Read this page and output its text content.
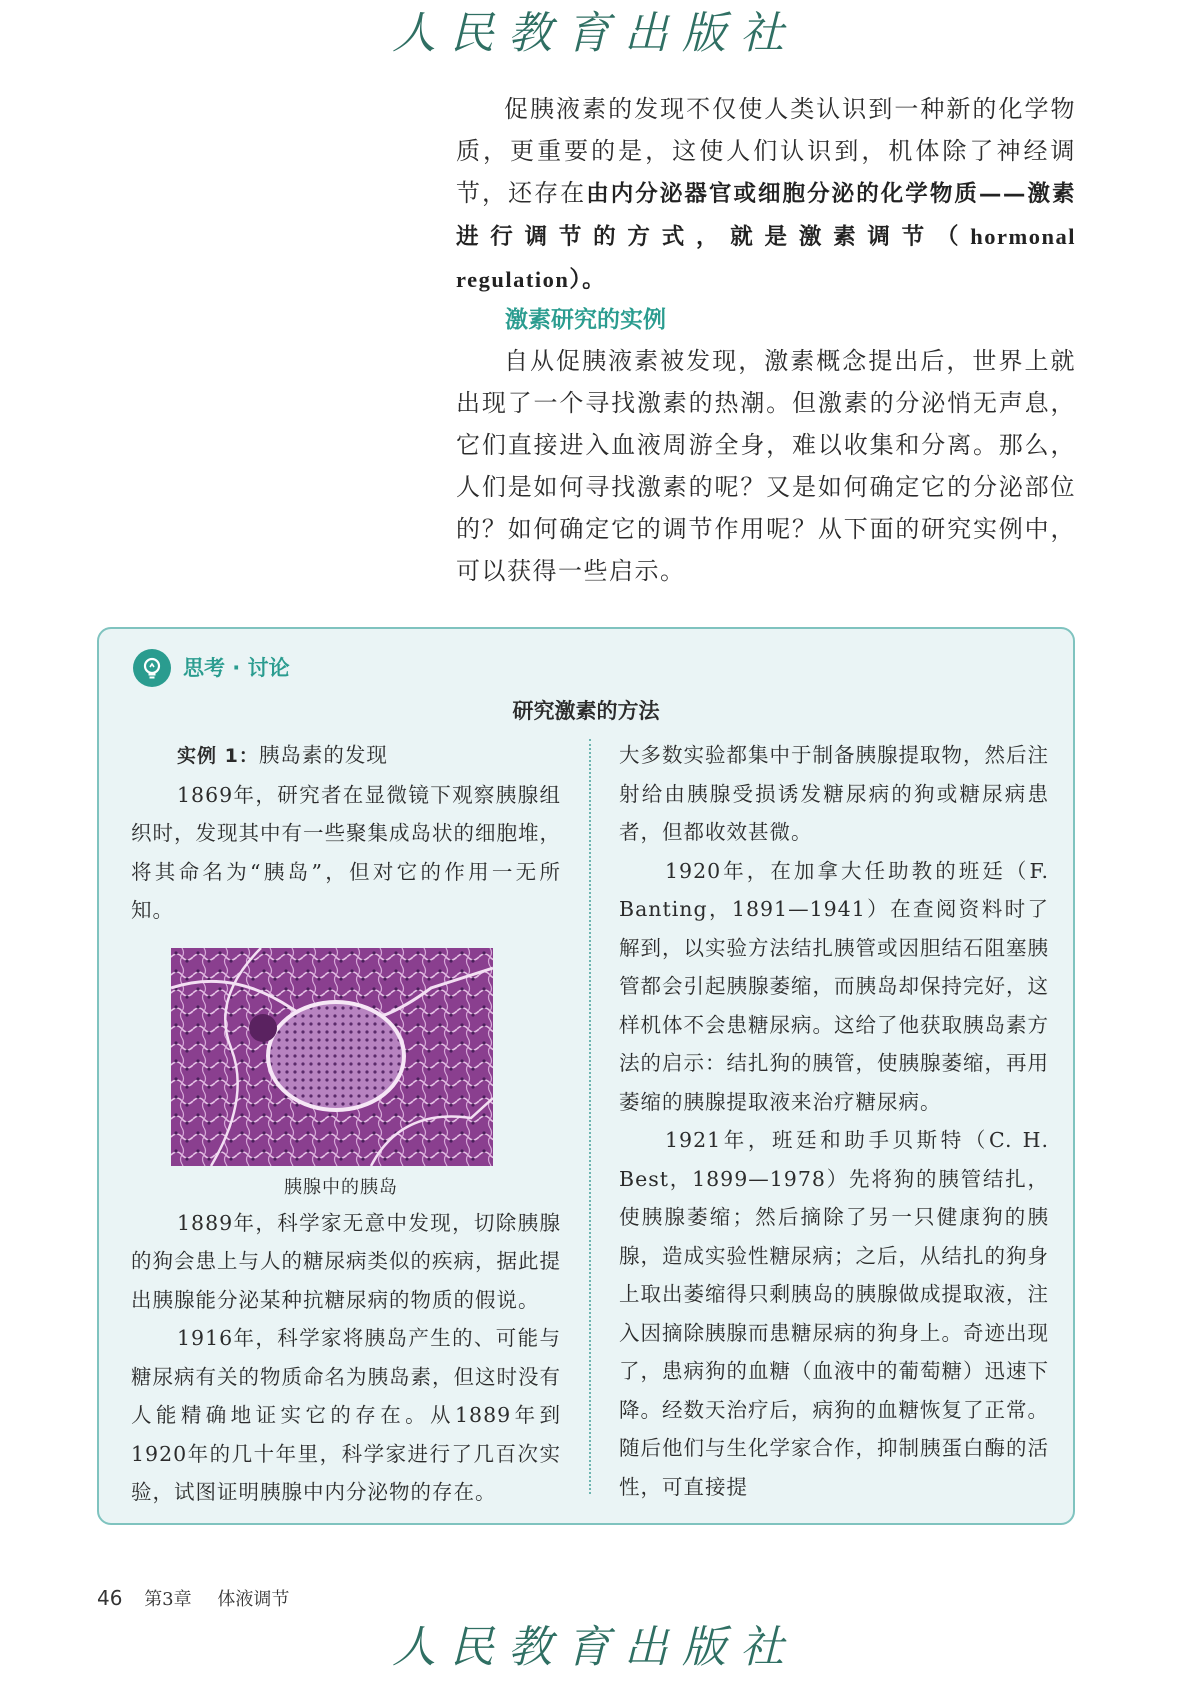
人民教育出版社

促胰液素的发现不仅使人类认识到一种新的化学物质，更重要的是，这使人们认识到，机体除了神经调节，还存在由内分泌器官或细胞分泌的化学物质——激素进行调节的方式，就是激素调节（hormonal regulation）。

激素研究的实例

自从促胰液素被发现，激素概念提出后，世界上就出现了一个寻找激素的热潮。但激素的分泌悄无声息，它们直接进入血液周游全身，难以收集和分离。那么，人们是如何寻找激素的呢？又是如何确定它的分泌部位的？如何确定它的调节作用呢？从下面的研究实例中，可以获得一些启示。

思考 · 讨论
研究激素的方法

实例 1：胰岛素的发现

1869年，研究者在显微镜下观察胰腺组织时，发现其中有一些聚集成岛状的细胞堆，将其命名为“胰岛”，但对它的作用一无所知。

胰腺中的胰岛

1889年，科学家无意中发现，切除胰腺的狗会患上与人的糖尿病类似的疾病，据此提出胰腺能分泌某种抗糖尿病的物质的假说。

1916年，科学家将胰岛产生的、可能与糖尿病有关的物质命名为胰岛素，但这时没有人能精确地证实它的存在。从1889年到1920年的几十年里，科学家进行了几百次实验，试图证明胰腺中内分泌物的存在。

大多数实验都集中于制备胰腺提取物，然后注射给由胰腺受损诱发糖尿病的狗或糖尿病患者，但都收效甚微。

1920年，在加拿大任助教的班廷（F. Banting，1891—1941）在查阅资料时了解到，以实验方法结扎胰管或因胆结石阻塞胰管都会引起胰腺萎缩，而胰岛却保持完好，这样机体不会患糖尿病。这给了他获取胰岛素方法的启示：结扎狗的胰管，使胰腺萎缩，再用萎缩的胰腺提取液来治疗糖尿病。

1921年，班廷和助手贝斯特（C. H. Best，1899—1978）先将狗的胰管结扎，使胰腺萎缩；然后摘除了另一只健康狗的胰腺，造成实验性糖尿病；之后，从结扎的狗身上取出萎缩得只剩胰岛的胰腺做成提取液，注入因摘除胰腺而患糖尿病的狗身上。奇迹出现了，患病狗的血糖（血液中的葡萄糖）迅速下降。经数天治疗后，病狗的血糖恢复了正常。随后他们与生化学家合作，抑制胰蛋白酶的活性，可直接提

46 第3章 体液调节
人民教育出版社
